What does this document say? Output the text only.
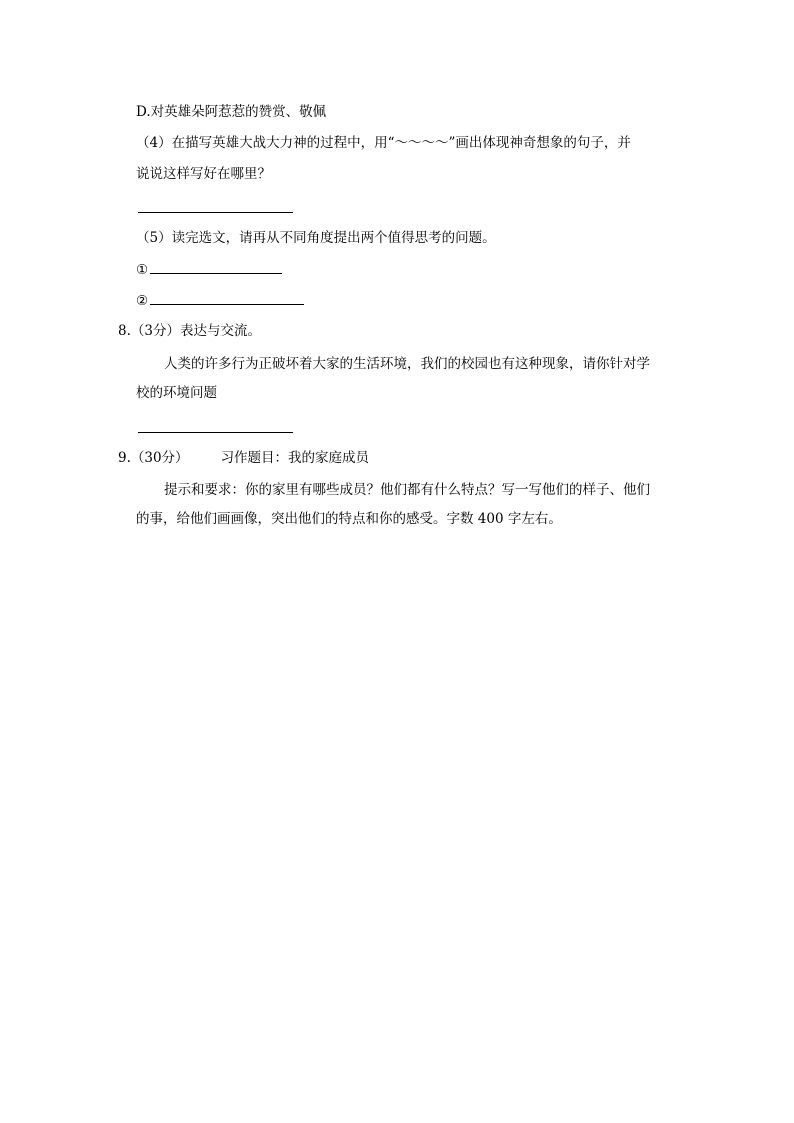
D.对英雄朵阿惹惹的赞赏、敬佩
（4）在描写英雄大战大力神的过程中，用“～～～～”画出体现神奇想象的句子，并
说说这样写好在哪里？
（5）读完选文，请再从不同角度提出两个值得思考的问题。
①
②
8.（3分）表达与交流。
人类的许多行为正破坏着大家的生活环境，我们的校园也有这种现象，请你针对学
校的环境问题
9.（30分） 习作题目：我的家庭成员
提示和要求：你的家里有哪些成员？他们都有什么特点？写一写他们的样子、他们
的事，给他们画画像，突出他们的特点和你的感受。字数 400 字左右。
